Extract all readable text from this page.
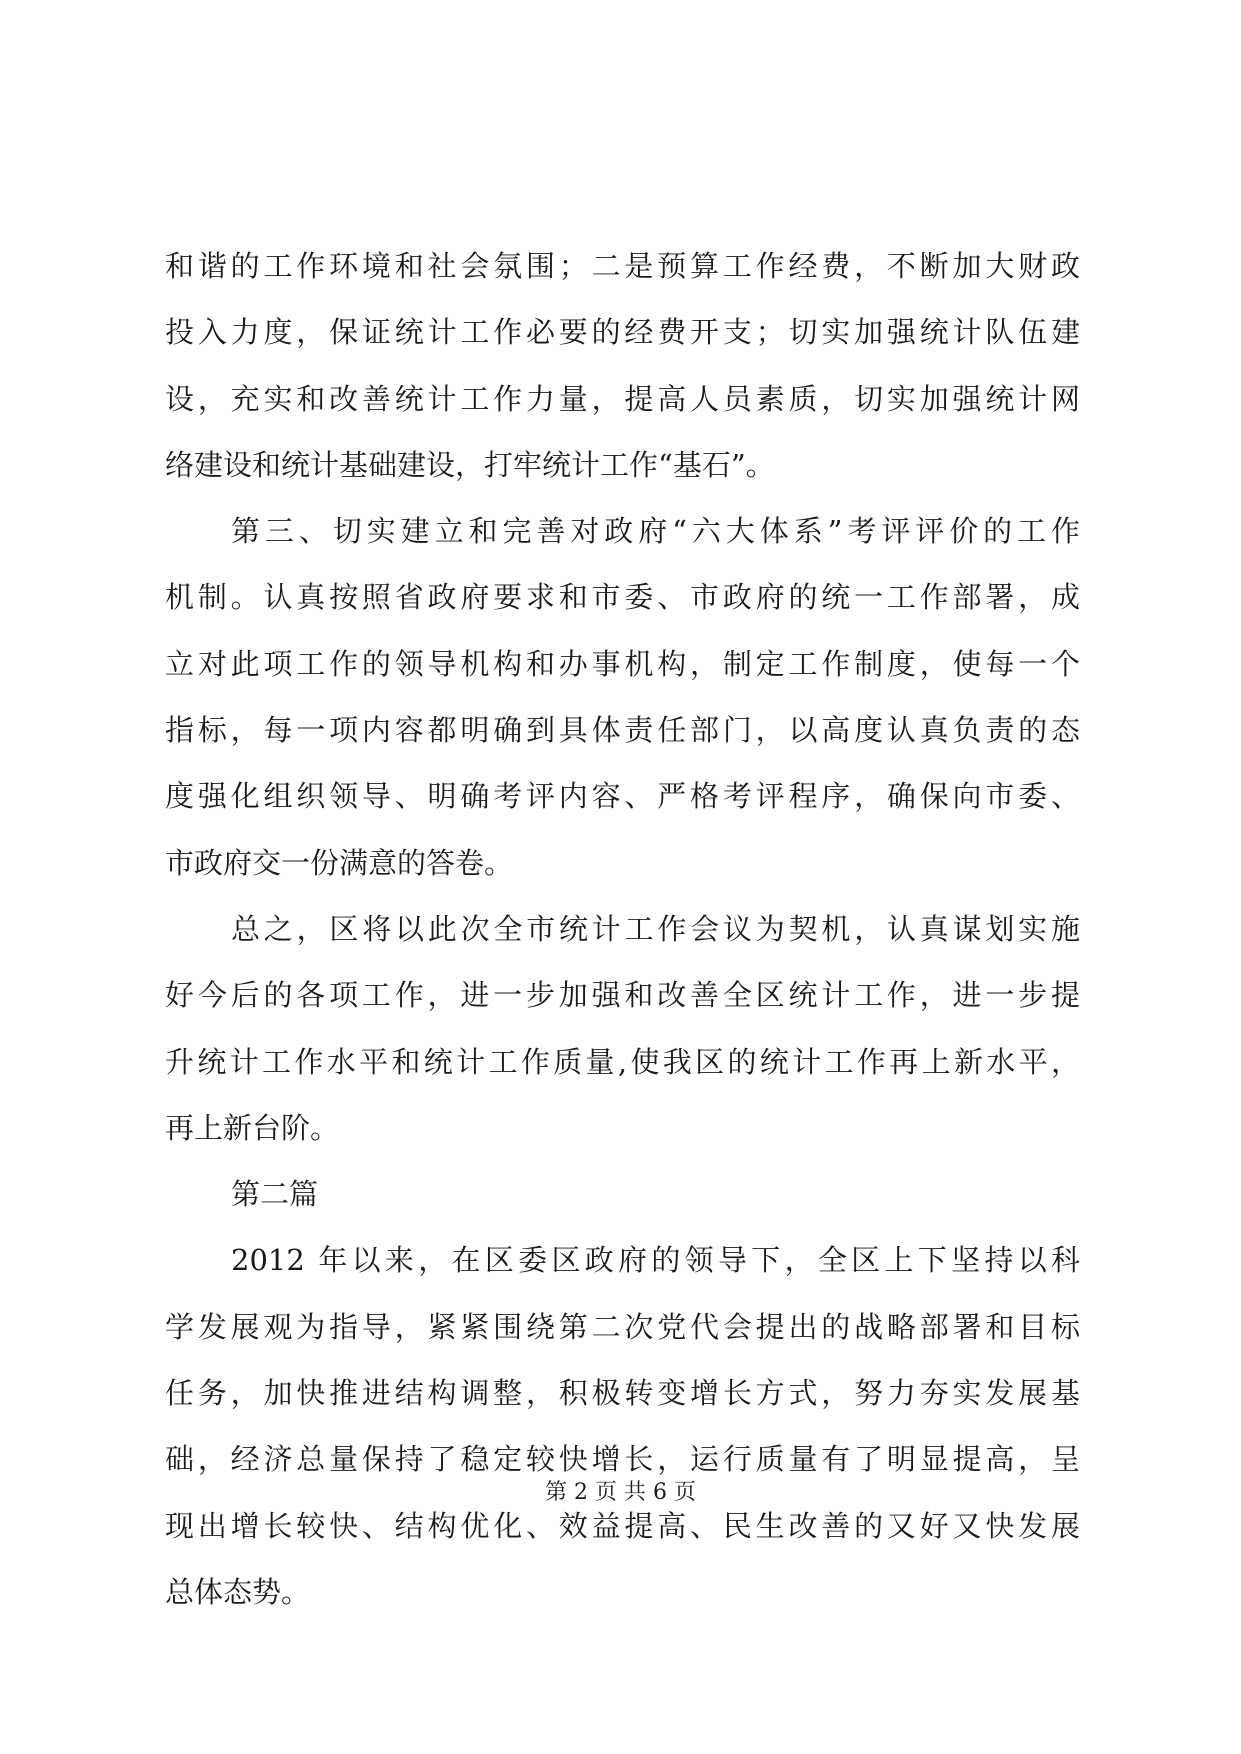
和谐的工作环境和社会氛围；二是预算工作经费，不断加大财政
投入力度，保证统计工作必要的经费开支；切实加强统计队伍建
设，充实和改善统计工作力量，提高人员素质，切实加强统计网
络建设和统计基础建设，打牢统计工作“基石”。
第三、切实建立和完善对政府“六大体系”考评评价的工作
机制。认真按照省政府要求和市委、市政府的统一工作部署，成
立对此项工作的领导机构和办事机构，制定工作制度，使每一个
指标，每一项内容都明确到具体责任部门，以高度认真负责的态
度强化组织领导、明确考评内容、严格考评程序，确保向市委、
市政府交一份满意的答卷。
总之，区将以此次全市统计工作会议为契机，认真谋划实施
好今后的各项工作，进一步加强和改善全区统计工作，进一步提
升统计工作水平和统计工作质量,使我区的统计工作再上新水平，
再上新台阶。
第二篇
2012 年以来，在区委区政府的领导下，全区上下坚持以科
学发展观为指导，紧紧围绕第二次党代会提出的战略部署和目标
任务，加快推进结构调整，积极转变增长方式，努力夯实发展基
础，经济总量保持了稳定较快增长，运行质量有了明显提高，呈
现出增长较快、结构优化、效益提高、民生改善的又好又快发展
总体态势。
第 2 页 共 6 页
